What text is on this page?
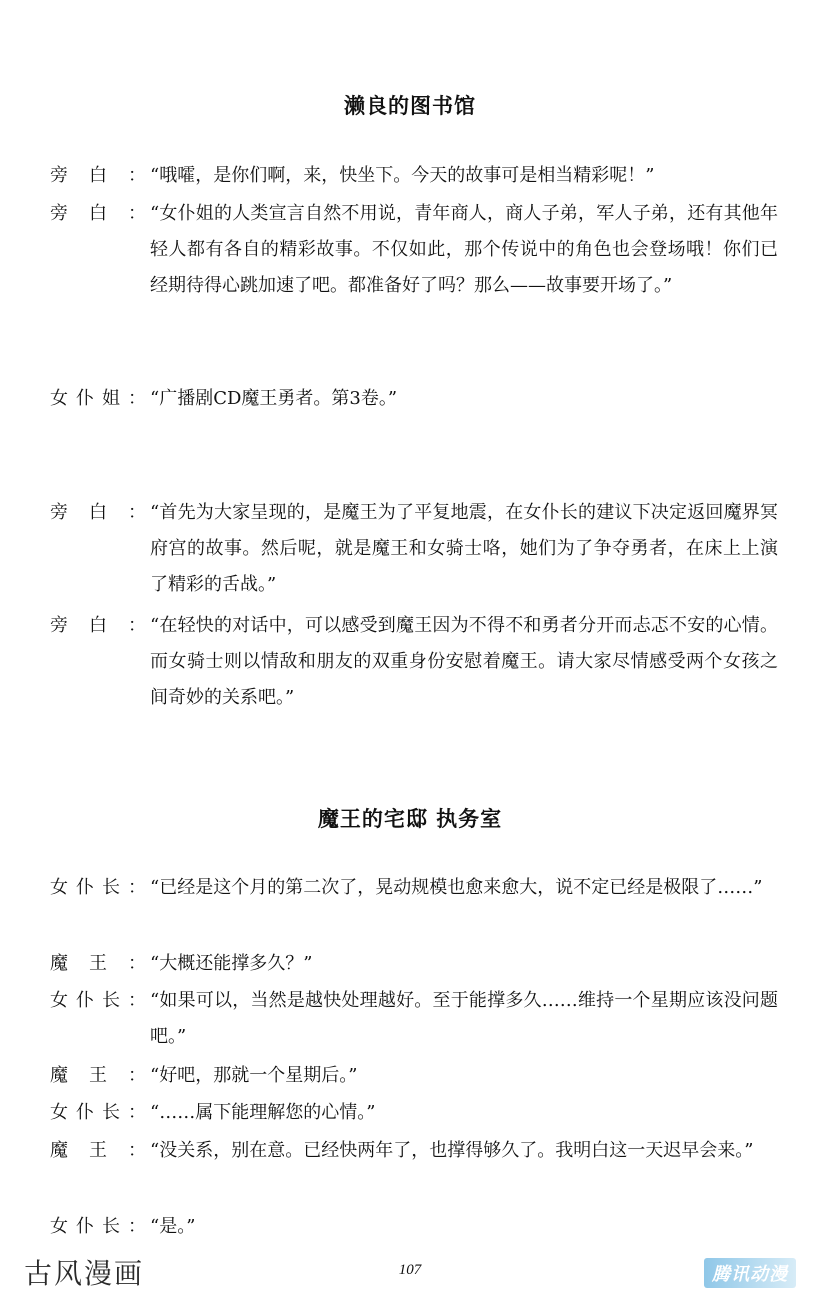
濑良的图书馆
魔王的宅邸 执务室
旁 白 ： “哦嚯，是你们啊，来，快坐下。今天的故事可是相当精彩呢！”
旁 白 ： “女仆姐的人类宣言自然不用说，青年商人，商人子弟，军人子弟，还有其他年轻人都有各自的精彩故事。不仅如此，那个传说中的角色也会登场哦！你们已经期待得心跳加速了吧。都准备好了吗？那么——故事要开场了。”
女 仆 姐 ： “广播剧CD魔王勇者。第3卷。”
旁 白 ： “首先为大家呈现的，是魔王为了平复地震，在女仆长的建议下决定返回魔界冥府宫的故事。然后呢，就是魔王和女骑士咯，她们为了争夺勇者，在床上上演了精彩的舌战。”
旁 白 ： “在轻快的对话中，可以感受到魔王因为不得不和勇者分开而忐忑不安的心情。而女骑士则以情敌和朋友的双重身份安慰着魔王。请大家尽情感受两个女孩之间奇妙的关系吧。”
女 仆 长 ： “已经是这个月的第二次了，晃动规模也愈来愈大，说不定已经是极限了……”
魔 王 ： “大概还能撑多久？”
女 仆 长 ： “如果可以，当然是越快处理越好。至于能撑多久……维持一个星期应该没问题吧。”
魔 王 ： “好吧，那就一个星期后。”
女 仆 长 ： “……属下能理解您的心情。”
魔 王 ： “没关系，别在意。已经快两年了，也撑得够久了。我明白这一天迟早会来。”
女 仆 长 ： “是。”
古风漫画	107	腾讯动漫
